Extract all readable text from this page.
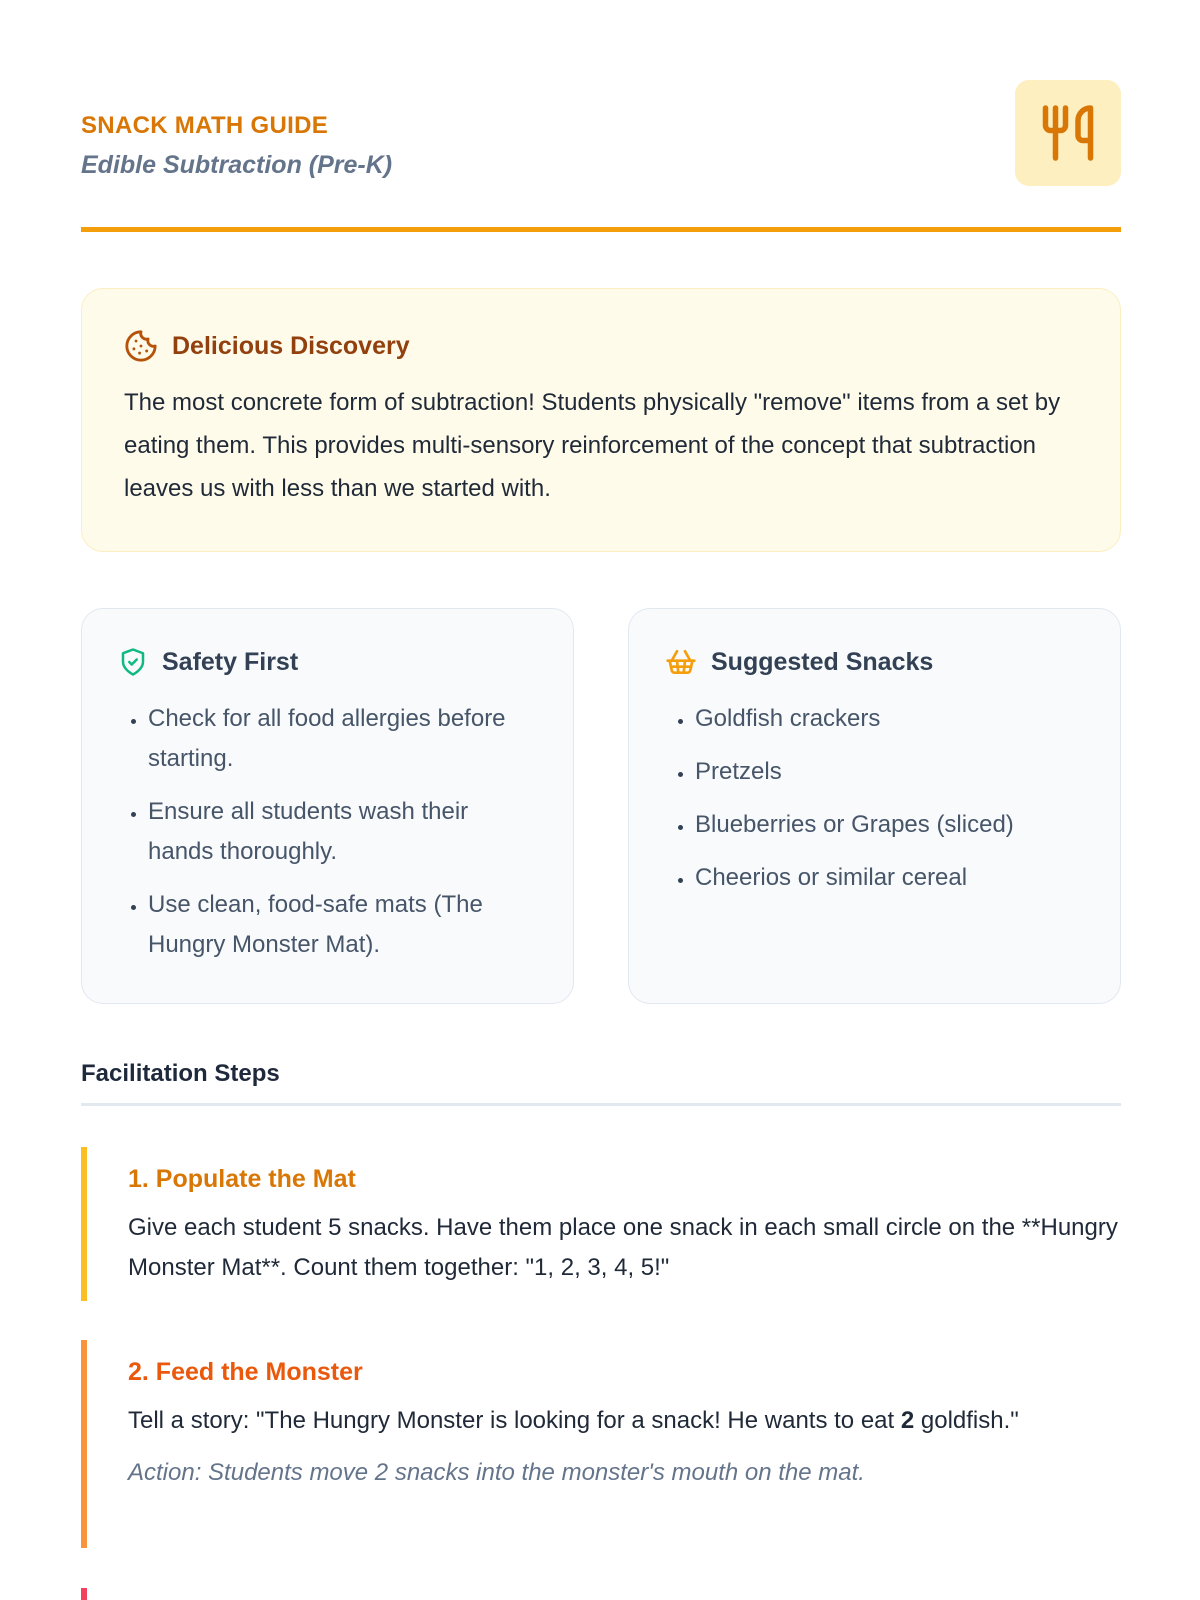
SNACK MATH GUIDE
Edible Subtraction (Pre-K)
Delicious Discovery
The most concrete form of subtraction! Students physically "remove" items from a set by eating them. This provides multi-sensory reinforcement of the concept that subtraction leaves us with less than we started with.
Safety First
• Check for all food allergies before starting.
• Ensure all students wash their hands thoroughly.
• Use clean, food-safe mats (The Hungry Monster Mat).
Suggested Snacks
• Goldfish crackers
• Pretzels
• Blueberries or Grapes (sliced)
• Cheerios or similar cereal
Facilitation Steps
1. Populate the Mat
Give each student 5 snacks. Have them place one snack in each small circle on the **Hungry Monster Mat**. Count them together: "1, 2, 3, 4, 5!"
2. Feed the Monster
Tell a story: "The Hungry Monster is looking for a snack! He wants to eat 2 goldfish."
Action: Students move 2 snacks into the monster's mouth on the mat.
